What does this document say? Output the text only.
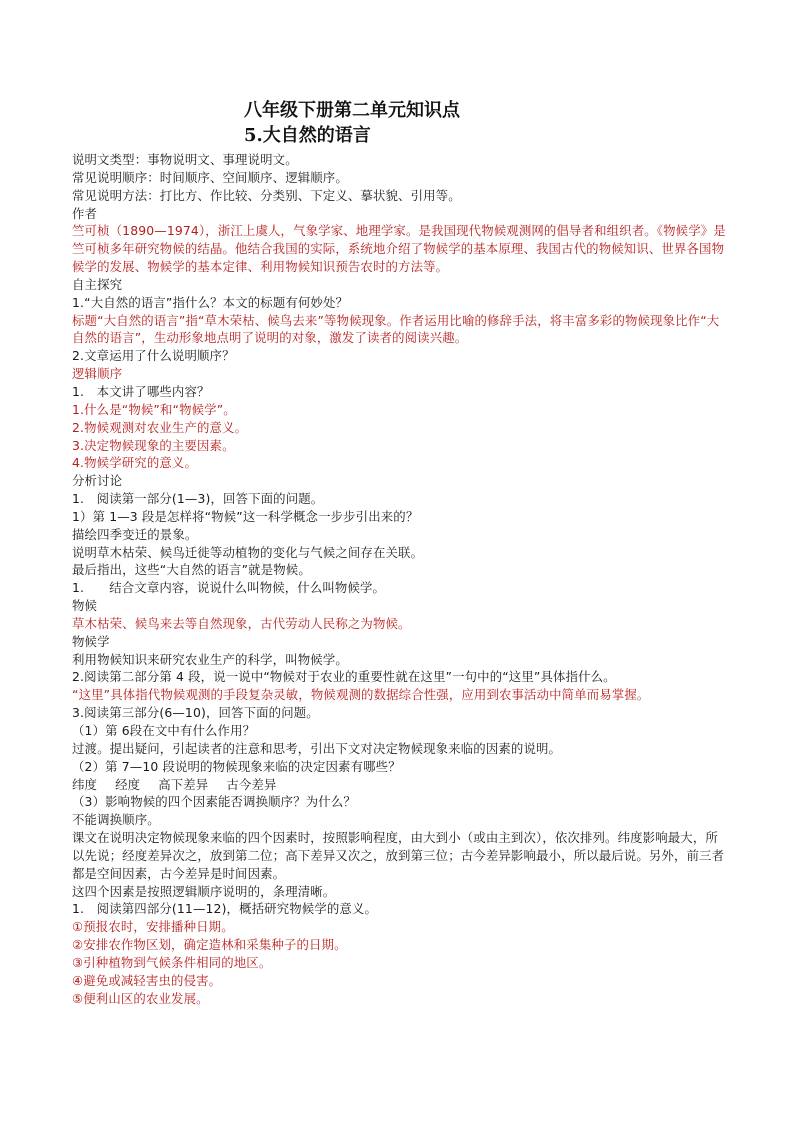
八年级下册第二单元知识点
5.大自然的语言
说明文类型：事物说明文、事理说明文。
常见说明顺序：时间顺序、空间顺序、逻辑顺序。
常见说明方法：打比方、作比较、分类别、下定义、摹状貌、引用等。
作者
竺可桢（1890—1974），浙江上虞人，气象学家、地理学家。是我国现代物候观测网的倡导者和组织者。《物候学》是竺可桢多年研究物候的结晶。他结合我国的实际，系统地介绍了物候学的基本原理、我国古代的物候知识、世界各国物候学的发展、物候学的基本定律、利用物候知识预告农时的方法等。
自主探究
1.“大自然的语言”指什么？本文的标题有何妙处？
标题“大自然的语言”指“草木荣枯、候鸟去来”等物候现象。作者运用比喻的修辞手法，将丰富多彩的物候现象比作“大自然的语言”，生动形象地点明了说明的对象，激发了读者的阅读兴趣。
2.文章运用了什么说明顺序？
逻辑顺序
1.　本文讲了哪些内容？
1.什么是“物候”和“物候学”。
2.物候观测对农业生产的意义。
3.决定物候现象的主要因素。
4.物候学研究的意义。
分析讨论
1.　阅读第一部分(1—3)，回答下面的问题。
1）第 1—3 段是怎样将“物候”这一科学概念一步步引出来的？
描绘四季变迁的景象。
说明草木枯荣、候鸟迁徙等动植物的变化与气候之间存在关联。
最后指出，这些“大自然的语言”就是物候。
1.　　结合文章内容，说说什么叫物候，什么叫物候学。
物候
草木枯荣、候鸟来去等自然现象，古代劳动人民称之为物候。
物候学
利用物候知识来研究农业生产的科学，叫物候学。
2.阅读第二部分第 4 段，说一说中“物候对于农业的重要性就在这里”一句中的“这里”具体指什么。
“这里”具体指代物候观测的手段复杂灵敏，物候观测的数据综合性强，应用到农事活动中简单而易掌握。
3.阅读第三部分(6—10)，回答下面的问题。
（1）第 6段在文中有什么作用？
过渡。提出疑问，引起读者的注意和思考，引出下文对决定物候现象来临的因素的说明。
（2）第 7—10 段说明的物候现象来临的决定因素有哪些？
纬度 经度 高下差异 古今差异
（3）影响物候的四个因素能否调换顺序？为什么？
不能调换顺序。
课文在说明决定物候现象来临的四个因素时，按照影响程度，由大到小（或由主到次），依次排列。纬度影响最大，所以先说；经度差异次之，放到第二位；高下差异又次之，放到第三位；古今差异影响最小，所以最后说。另外，前三者都是空间因素，古今差异是时间因素。
这四个因素是按照逻辑顺序说明的，条理清晰。
1.　阅读第四部分(11—12)，概括研究物候学的意义。
①预报农时，安排播种日期。
②安排农作物区划，确定造林和采集种子的日期。
③引种植物到气候条件相同的地区。
④避免或减轻害虫的侵害。
⑤便利山区的农业发展。
